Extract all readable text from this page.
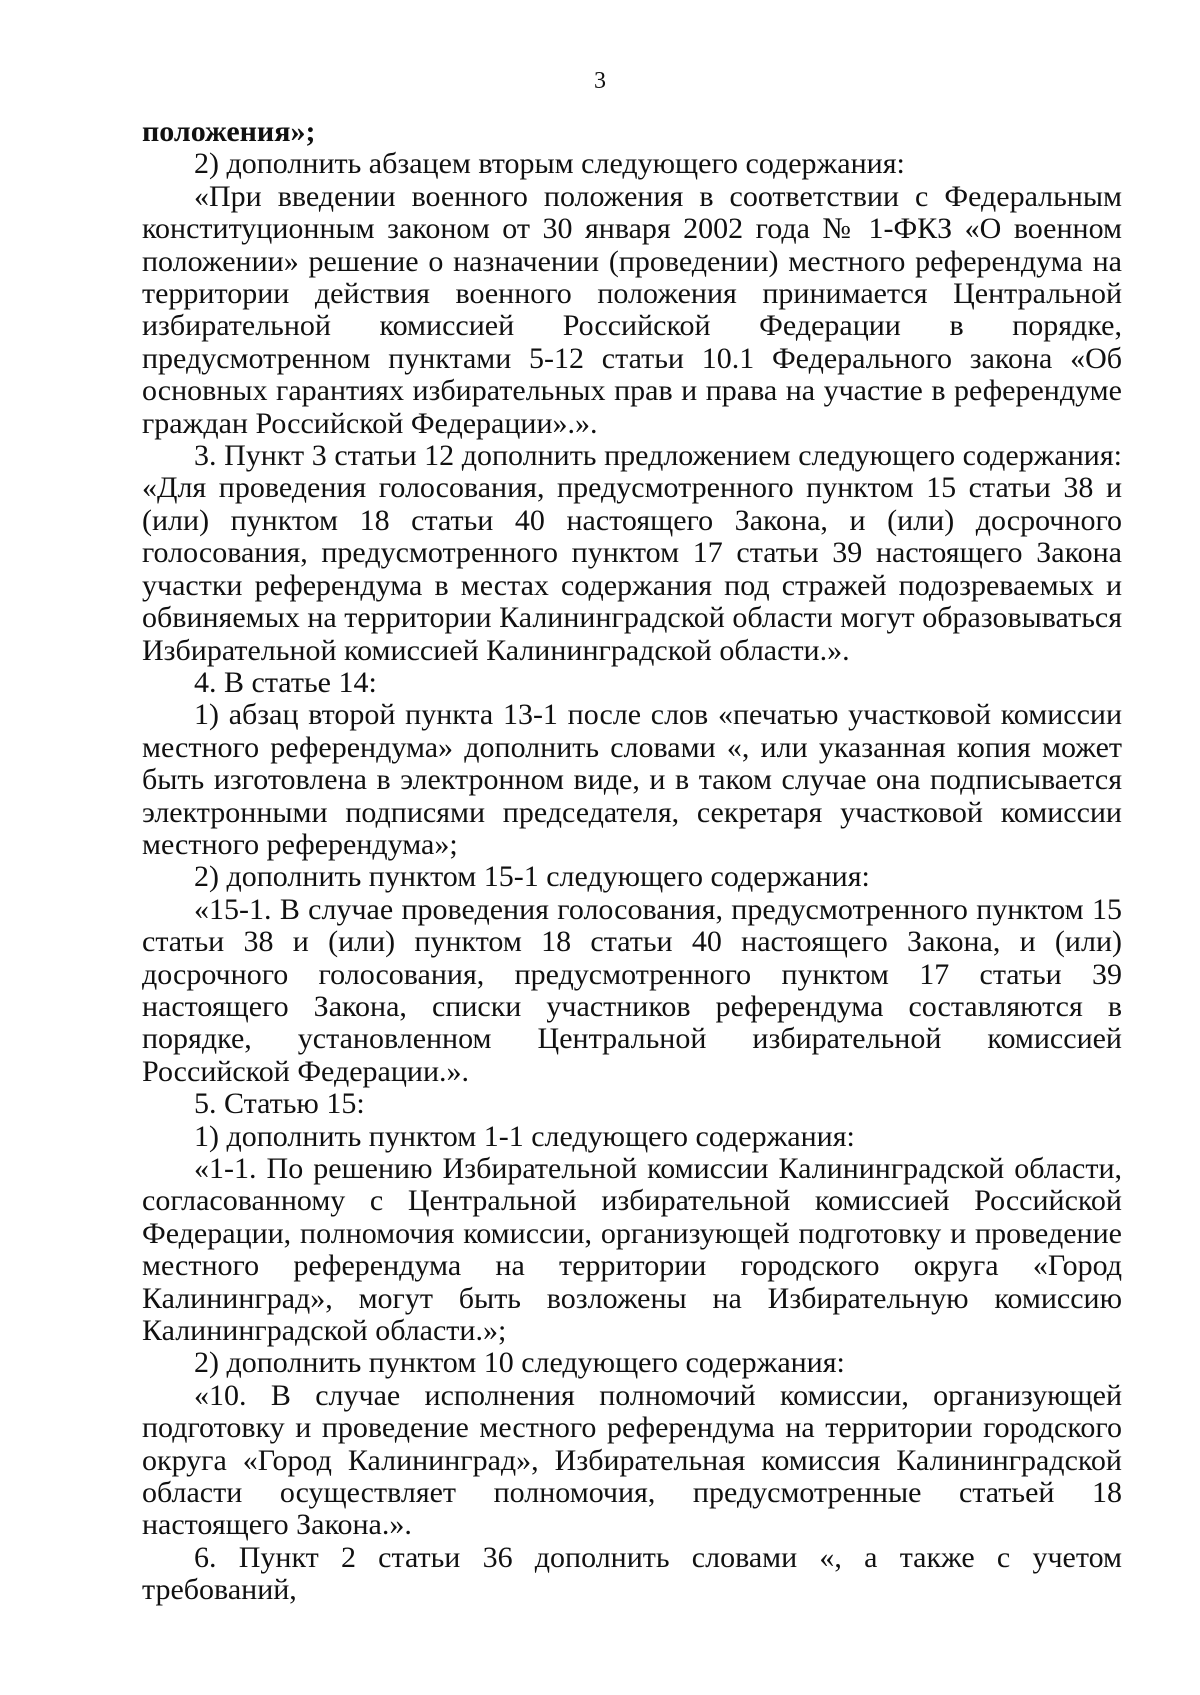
3

положения»;

2) дополнить абзацем вторым следующего содержания:

«При введении военного положения в соответствии с Федеральным конституционным законом от 30 января 2002 года № 1-ФКЗ «О военном положении» решение о назначении (проведении) местного референдума на территории действия военного положения принимается Центральной избирательной комиссией Российской Федерации в порядке, предусмотренном пунктами 5-12 статьи 10.1 Федерального закона «Об основных гарантиях избирательных прав и права на участие в референдуме граждан Российской Федерации».».

3. Пункт 3 статьи 12 дополнить предложением следующего содержания: «Для проведения голосования, предусмотренного пунктом 15 статьи 38 и (или) пунктом 18 статьи 40 настоящего Закона, и (или) досрочного голосования, предусмотренного пунктом 17 статьи 39 настоящего Закона участки референдума в местах содержания под стражей подозреваемых и обвиняемых на территории Калининградской области могут образовываться Избирательной комиссией Калининградской области.».

4. В статье 14:

1) абзац второй пункта 13-1 после слов «печатью участковой комиссии местного референдума» дополнить словами «, или указанная копия может быть изготовлена в электронном виде, и в таком случае она подписывается электронными подписями председателя, секретаря участковой комиссии местного референдума»;

2) дополнить пунктом 15-1 следующего содержания:

«15-1. В случае проведения голосования, предусмотренного пунктом 15 статьи 38 и (или) пунктом 18 статьи 40 настоящего Закона, и (или) досрочного голосования, предусмотренного пунктом 17 статьи 39 настоящего Закона, списки участников референдума составляются в порядке, установленном Центральной избирательной комиссией Российской Федерации.».

5. Статью 15:

1) дополнить пунктом 1-1 следующего содержания:

«1-1. По решению Избирательной комиссии Калининградской области, согласованному с Центральной избирательной комиссией Российской Федерации, полномочия комиссии, организующей подготовку и проведение местного референдума на территории городского округа «Город Калининград», могут быть возложены на Избирательную комиссию Калининградской области.»;

2) дополнить пунктом 10 следующего содержания:

«10. В случае исполнения полномочий комиссии, организующей подготовку и проведение местного референдума на территории городского округа «Город Калининград», Избирательная комиссия Калининградской области осуществляет полномочия, предусмотренные статьей 18 настоящего Закона.».

6. Пункт 2 статьи 36 дополнить словами «, а также с учетом требований,
